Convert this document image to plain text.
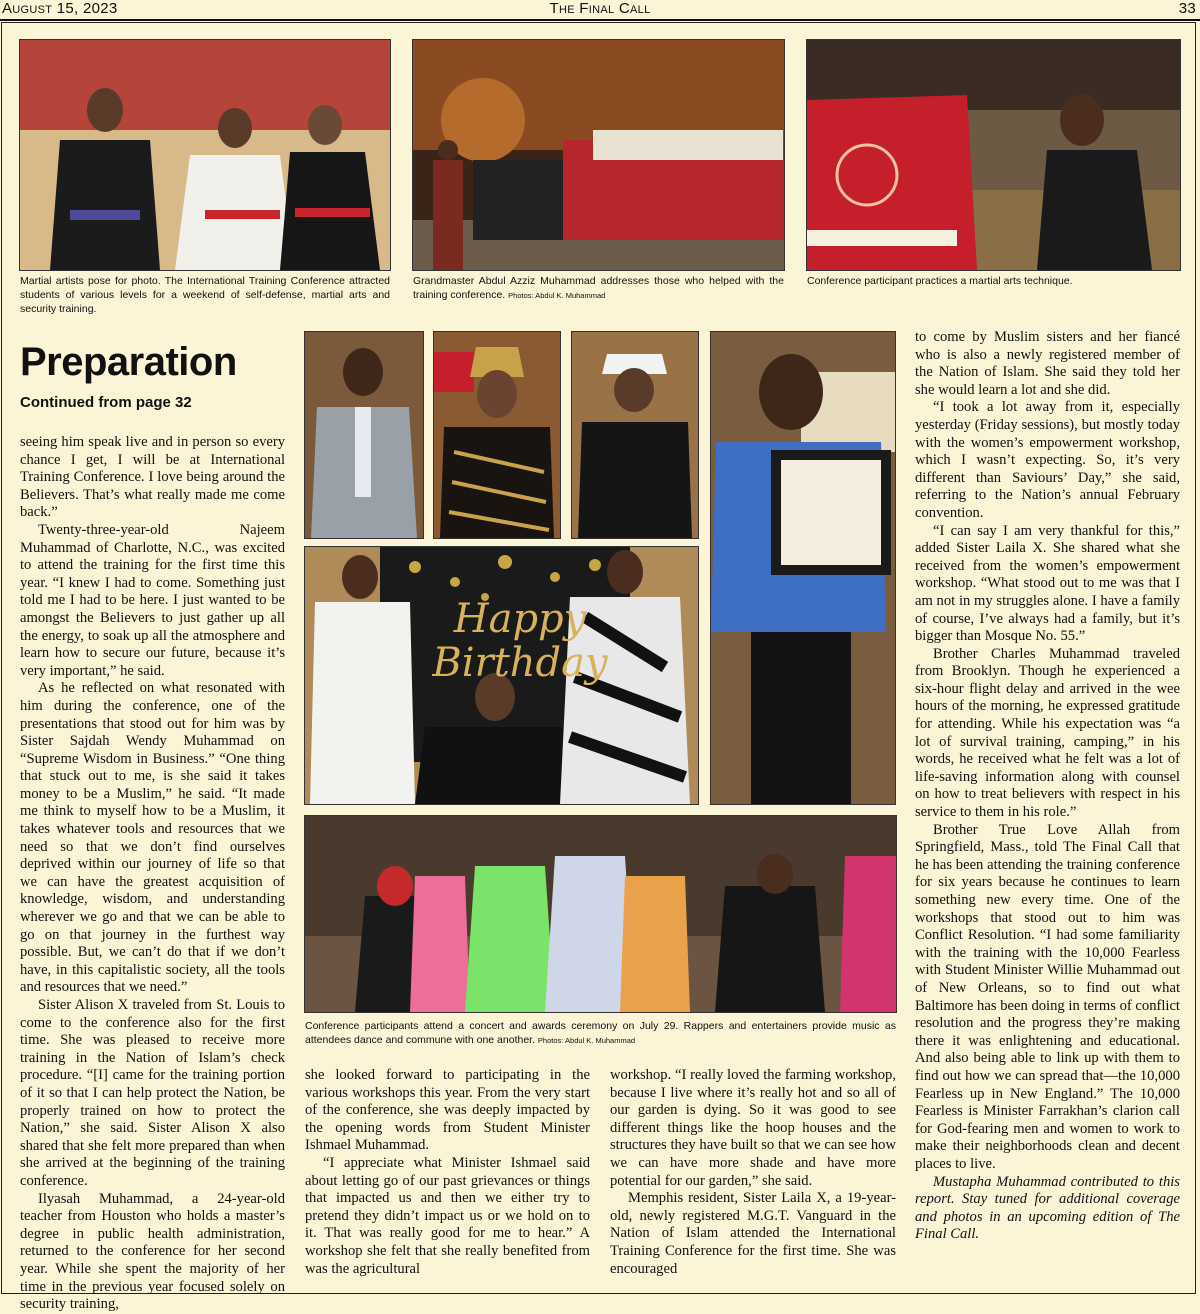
August 15, 2023	The Final Call	33
Martial artists pose for photo. The International Training Conference attracted students of various levels for a weekend of self-defense, martial arts and security training.
Grandmaster Abdul Azziz Muhammad addresses those who helped with the training conference. Photos: Abdul K. Muhammad
Conference participant practices a martial arts technique.
Preparation
Continued from page 32
Happy
Birthday
Conference participants attend a concert and awards ceremony on July 29. Rappers and entertainers provide music as attendees dance and commune with one another. Photos: Abdul K. Muhammad

seeing him speak live and in person so every chance I get, I will be at International Training Conference. I love being around the Believers. That’s what really made me come back.”

Twenty-three-year-old Najeem Muhammad of Charlotte, N.C., was excited to attend the training for the first time this year. “I knew I had to come. Something just told me I had to be here. I just wanted to be amongst the Believers to just gather up all the energy, to soak up all the atmosphere and learn how to secure our future, because it’s very important,” he said.

As he reflected on what resonated with him during the conference, one of the presentations that stood out for him was by Sister Sajdah Wendy Muhammad on “Supreme Wisdom in Business.” “One thing that stuck out to me, is she said it takes money to be a Muslim,” he said. “It made me think to myself how to be a Muslim, it takes whatever tools and resources that we need so that we don’t find ourselves deprived within our journey of life so that we can have the greatest acquisition of knowledge, wisdom, and understanding wherever we go and that we can be able to go on that journey in the furthest way possible. But, we can’t do that if we don’t have, in this capitalistic society, all the tools and resources that we need.”

Sister Alison X traveled from St. Louis to come to the conference also for the first time. She was pleased to receive more training in the Nation of Islam’s check procedure. “[I] came for the training portion of it so that I can help protect the Nation, be properly trained on how to protect the Nation,” she said. Sister Alison X also shared that she felt more prepared than when she arrived at the beginning of the training conference.

Ilyasah Muhammad, a 24-year-old teacher from Houston who holds a master’s degree in public health administration, returned to the conference for her second year. While she spent the majority of her time in the previous year focused solely on security training,

she looked forward to participating in the various workshops this year. From the very start of the conference, she was deeply impacted by the opening words from Student Minister Ishmael Muhammad.

“I appreciate what Minister Ishmael said about letting go of our past grievances or things that impacted us and then we either try to pretend they didn’t impact us or we hold on to it. That was really good for me to hear.” A workshop she felt that she really benefited from was the agricultural

workshop. “I really loved the farming workshop, because I live where it’s really hot and so all of our garden is dying. So it was good to see different things like the hoop houses and the structures they have built so that we can see how we can have more shade and have more potential for our garden,” she said.

Memphis resident, Sister Laila X, a 19-year-old, newly registered M.G.T. Vanguard in the Nation of Islam attended the International Training Conference for the first time. She was encouraged

to come by Muslim sisters and her fiancé who is also a newly registered member of the Nation of Islam. She said they told her she would learn a lot and she did.

“I took a lot away from it, especially yesterday (Friday sessions), but mostly today with the women’s empowerment workshop, which I wasn’t expecting. So, it’s very different than Saviours’ Day,” she said, referring to the Nation’s annual February convention.

“I can say I am very thankful for this,” added Sister Laila X. She shared what she received from the women’s empowerment workshop. “What stood out to me was that I am not in my struggles alone. I have a family of course, I’ve always had a family, but it’s bigger than Mosque No. 55.”

Brother Charles Muhammad traveled from Brooklyn. Though he experienced a six-hour flight delay and arrived in the wee hours of the morning, he expressed gratitude for attending. While his expectation was “a lot of survival training, camping,” in his words, he received what he felt was a lot of life-saving information along with counsel on how to treat believers with respect in his service to them in his role.”

Brother True Love Allah from Springfield, Mass., told The Final Call that he has been attending the training conference for six years because he continues to learn something new every time. One of the workshops that stood out to him was Conflict Resolution. “I had some familiarity with the training with the 10,000 Fearless with Student Minister Willie Muhammad out of New Orleans, so to find out what Baltimore has been doing in terms of conflict resolution and the progress they’re making there it was enlightening and educational. And also being able to link up with them to find out how we can spread that—the 10,000 Fearless up in New England.” The 10,000 Fearless is Minister Farrakhan’s clarion call for God-fearing men and women to work to make their neighborhoods clean and decent places to live.

Mustapha Muhammad contributed to this report. Stay tuned for additional coverage and photos in an upcoming edition of The Final Call.
